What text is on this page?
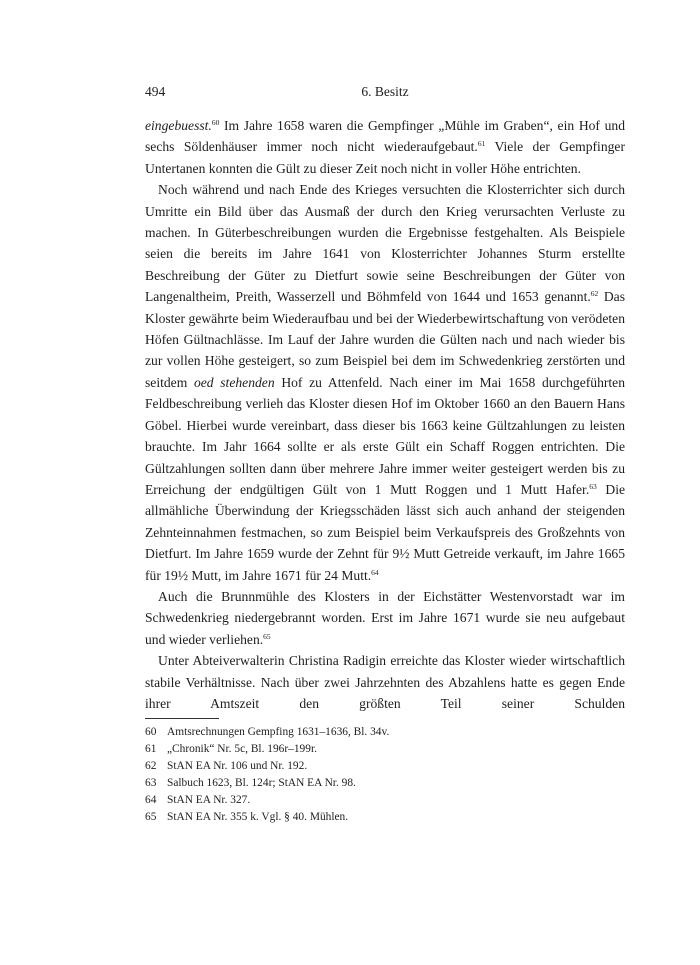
494	6. Besitz

eingebuesst.$^{60}$ Im Jahre 1658 waren die Gempfinger „Mühle im Graben“, ein Hof und sechs Söldenhäuser immer noch nicht wiederaufgebaut.$^{61}$ Viele der Gempfinger Untertanen konnten die Gült zu dieser Zeit noch nicht in voller Höhe entrichten.

Noch während und nach Ende des Krieges versuchten die Klosterrichter sich durch Umritte ein Bild über das Ausmaß der durch den Krieg verursachten Verluste zu machen. In Güterbeschreibungen wurden die Ergebnisse festgehalten. Als Beispiele seien die bereits im Jahre 1641 von Klosterrichter Johannes Sturm erstellte Beschreibung der Güter zu Dietfurt sowie seine Beschreibungen der Güter von Langenaltheim, Preith, Wasserzell und Böhmfeld von 1644 und 1653 genannt.$^{62}$ Das Kloster gewährte beim Wiederaufbau und bei der Wiederbewirtschaftung von verödeten Höfen Gültnachlässe. Im Lauf der Jahre wurden die Gülten nach und nach wieder bis zur vollen Höhe gesteigert, so zum Beispiel bei dem im Schwedenkrieg zerstörten und seitdem oed stehenden Hof zu Attenfeld. Nach einer im Mai 1658 durchgeführten Feldbeschreibung verlieh das Kloster diesen Hof im Oktober 1660 an den Bauern Hans Göbel. Hierbei wurde vereinbart, dass dieser bis 1663 keine Gültzahlungen zu leisten brauchte. Im Jahr 1664 sollte er als erste Gült ein Schaff Roggen entrichten. Die Gültzahlungen sollten dann über mehrere Jahre immer weiter gesteigert werden bis zu Erreichung der endgültigen Gült von 1 Mutt Roggen und 1 Mutt Hafer.$^{63}$ Die allmähliche Überwindung der Kriegsschäden lässt sich auch anhand der steigenden Zehnteinnahmen festmachen, so zum Beispiel beim Verkaufspreis des Großzehnts von Dietfurt. Im Jahre 1659 wurde der Zehnt für 9½ Mutt Getreide verkauft, im Jahre 1665 für 19½ Mutt, im Jahre 1671 für 24 Mutt.$^{64}$

Auch die Brunnmühle des Klosters in der Eichstätter Westenvorstadt war im Schwedenkrieg niedergebrannt worden. Erst im Jahre 1671 wurde sie neu aufgebaut und wieder verliehen.$^{65}$

Unter Abteiverwalterin Christina Radigin erreichte das Kloster wieder wirtschaftlich stabile Verhältnisse. Nach über zwei Jahrzehnten des Abzahlens hatte es gegen Ende ihrer Amtszeit den größten Teil seiner Schulden

60 Amtsrechnungen Gempfing 1631–1636, Bl. 34v.
61 „Chronik“ Nr. 5c, Bl. 196r–199r.
62 StAN EA Nr. 106 und Nr. 192.
63 Salbuch 1623, Bl. 124r; StAN EA Nr. 98.
64 StAN EA Nr. 327.
65 StAN EA Nr. 355 k. Vgl. § 40. Mühlen.
